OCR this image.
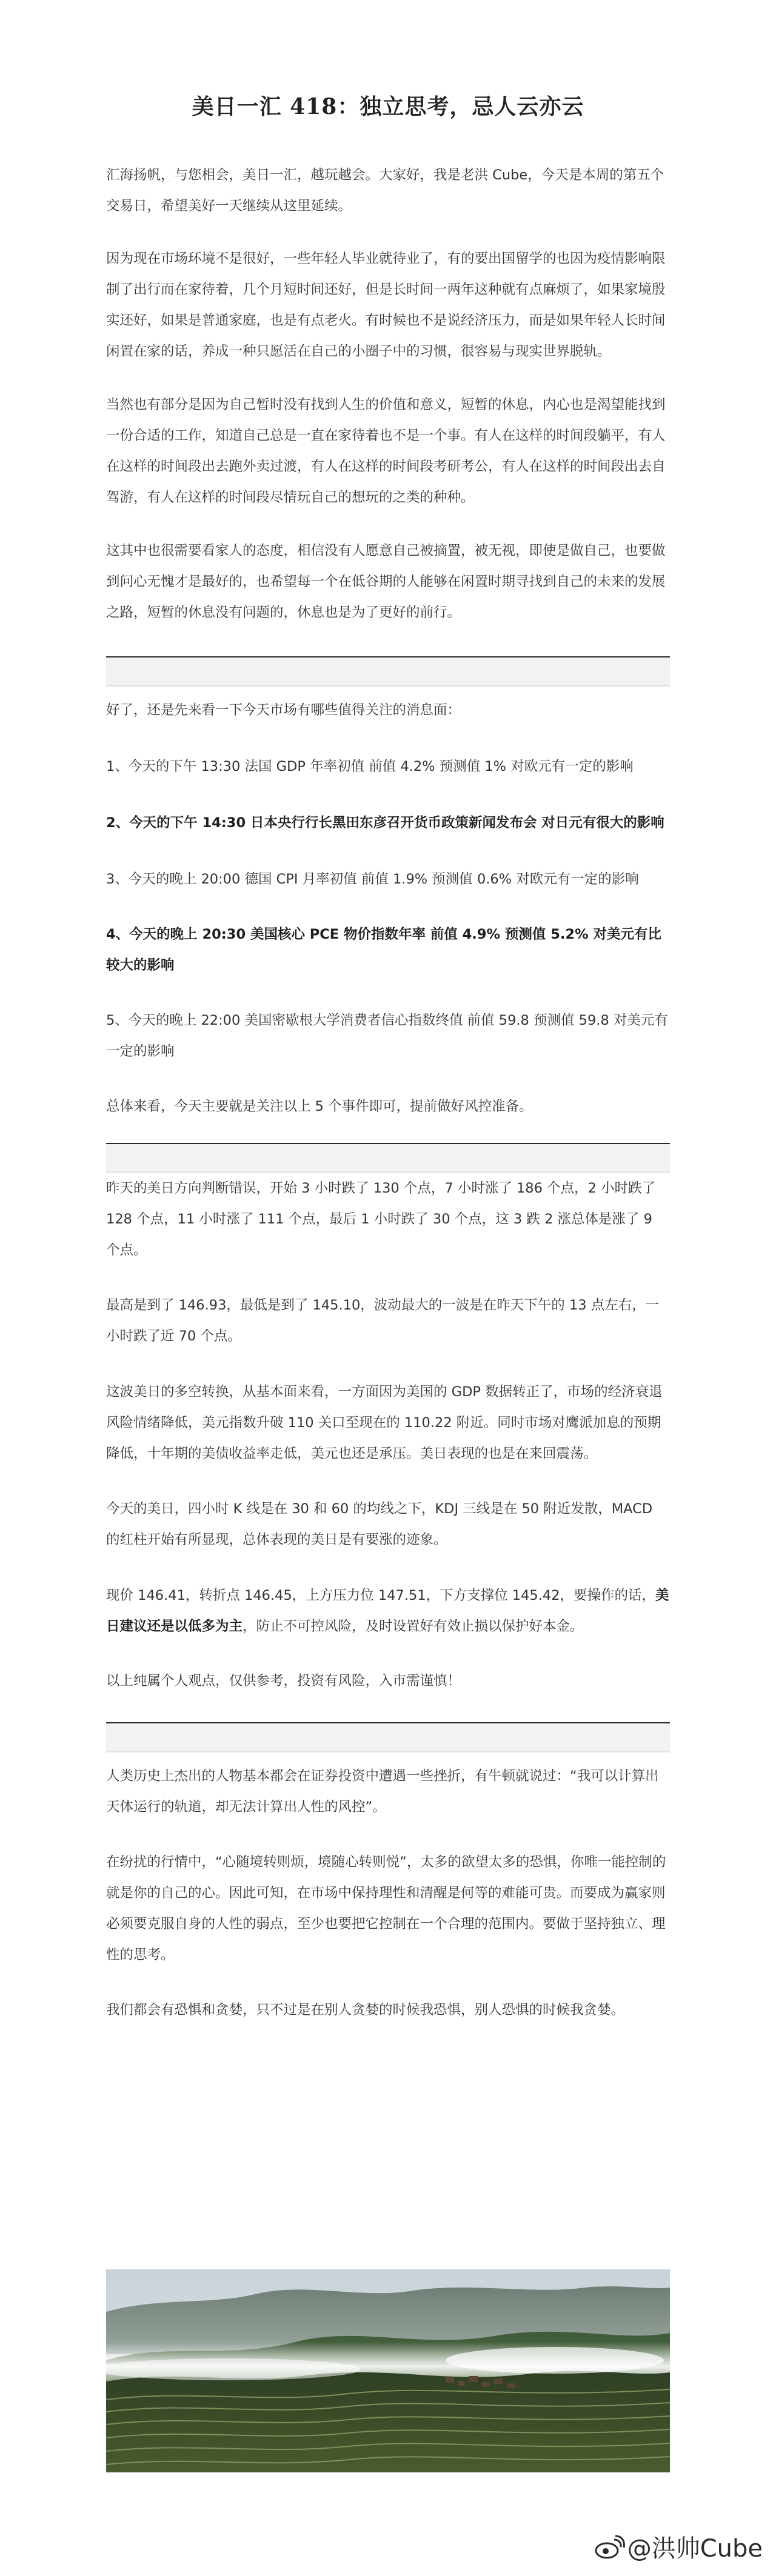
美日一汇 418：独立思考，忌人云亦云

汇海扬帆，与您相会，美日一汇，越玩越会。大家好，我是老洪 Cube，今天是本周的第五个交易日，希望美好一天继续从这里延续。

因为现在市场环境不是很好，一些年轻人毕业就待业了，有的要出国留学的也因为疫情影响限制了出行而在家待着，几个月短时间还好，但是长时间一两年这种就有点麻烦了，如果家境殷实还好，如果是普通家庭，也是有点老火。有时候也不是说经济压力，而是如果年轻人长时间闲置在家的话，养成一种只愿活在自己的小圈子中的习惯，很容易与现实世界脱轨。

当然也有部分是因为自己暂时没有找到人生的价值和意义，短暂的休息，内心也是渴望能找到一份合适的工作，知道自己总是一直在家待着也不是一个事。有人在这样的时间段躺平，有人在这样的时间段出去跑外卖过渡，有人在这样的时间段考研考公，有人在这样的时间段出去自驾游，有人在这样的时间段尽情玩自己的想玩的之类的种种。

这其中也很需要看家人的态度，相信没有人愿意自己被摘置，被无视，即使是做自己，也要做到问心无愧才是最好的，也希望每一个在低谷期的人能够在闲置时期寻找到自己的未来的发展之路，短暂的休息没有问题的，休息也是为了更好的前行。

好了，还是先来看一下今天市场有哪些值得关注的消息面：

1、今天的下午 13:30 法国 GDP 年率初值 前值 4.2% 预测值 1% 对欧元有一定的影响

2、今天的下午 14:30 日本央行行长黑田东彦召开货币政策新闻发布会 对日元有很大的影响

3、今天的晚上 20:00 德国 CPI 月率初值 前值 1.9% 预测值 0.6% 对欧元有一定的影响

4、今天的晚上 20:30 美国核心 PCE 物价指数年率 前值 4.9% 预测值 5.2% 对美元有比较大的影响

5、今天的晚上 22:00 美国密歇根大学消费者信心指数终值 前值 59.8 预测值 59.8 对美元有一定的影响

总体来看，今天主要就是关注以上 5 个事件即可，提前做好风控准备。

昨天的美日方向判断错误，开始 3 小时跌了 130 个点，7 小时涨了 186 个点，2 小时跌了 128 个点，11 小时涨了 111 个点，最后 1 小时跌了 30 个点，这 3 跌 2 涨总体是涨了 9 个点。

最高是到了 146.93，最低是到了 145.10，波动最大的一波是在昨天下午的 13 点左右，一小时跌了近 70 个点。

这波美日的多空转换，从基本面来看，一方面因为美国的 GDP 数据转正了，市场的经济衰退风险情绪降低，美元指数升破 110 关口至现在的 110.22 附近。同时市场对鹰派加息的预期降低，十年期的美债收益率走低，美元也还是承压。美日表现的也是在来回震荡。

今天的美日，四小时 K 线是在 30 和 60 的均线之下，KDJ 三线是在 50 附近发散，MACD 的红柱开始有所显现，总体表现的美日是有要涨的迹象。

现价 146.41，转折点 146.45，上方压力位 147.51，下方支撑位 145.42，要操作的话，美日建议还是以低多为主，防止不可控风险，及时设置好有效止损以保护好本金。

以上纯属个人观点，仅供参考，投资有风险，入市需谨慎！

人类历史上杰出的人物基本都会在证券投资中遭遇一些挫折，有牛顿就说过：“我可以计算出天体运行的轨道，却无法计算出人性的风控”。

在纷扰的行情中，“心随境转则烦，境随心转则悦”，太多的欲望太多的恐惧，你唯一能控制的就是你的自己的心。因此可知，在市场中保持理性和清醒是何等的难能可贵。而要成为赢家则必须要克服自身的人性的弱点，至少也要把它控制在一个合理的范围内。要做于坚持独立、理性的思考。

我们都会有恐惧和贪婪，只不过是在别人贪婪的时候我恐惧，别人恐惧的时候我贪婪。

@洪帅Cube
